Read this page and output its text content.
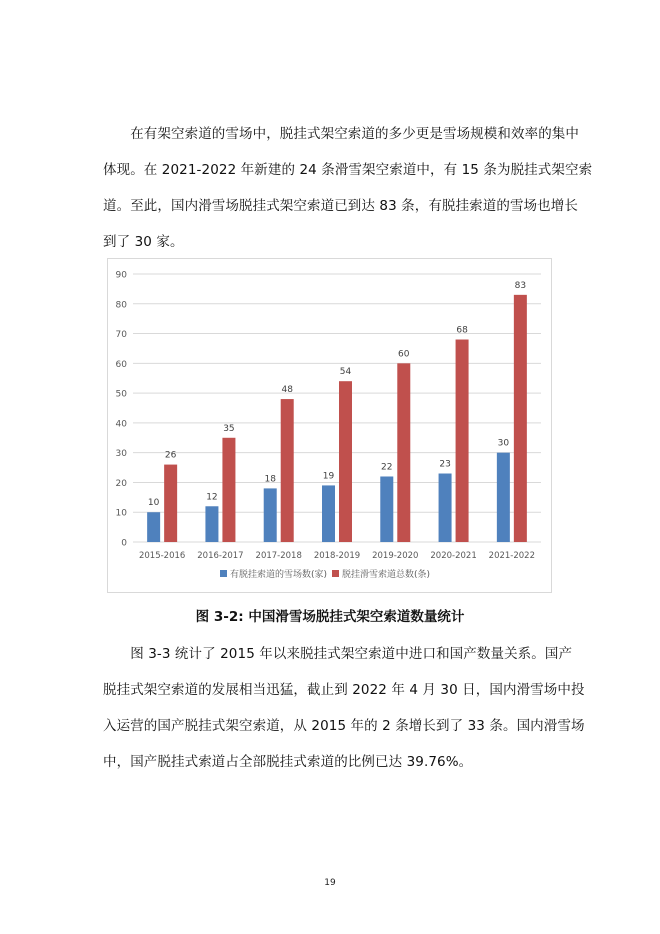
　　在有架空索道的雪场中，脱挂式架空索道的多少更是雪场规模和效率的集中
体现。在 2021-2022 年新建的 24 条滑雪架空索道中，有 15 条为脱挂式架空索
道。至此，国内滑雪场脱挂式架空索道已到达 83 条，有脱挂索道的雪场也增长
到了 30 家。
0
10
20
30
40
50
60
70
80
90
10
26
2015-2016
12
35
2016-2017
18
48
2017-2018
19
54
2018-2019
22
60
2019-2020
23
68
2020-2021
30
83
2021-2022
有脱挂索道的雪场数(家) 脱挂滑雪索道总数(条)
图 3-2: 中国滑雪场脱挂式架空索道数量统计
　　图 3-3 统计了 2015 年以来脱挂式架空索道中进口和国产数量关系。国产
脱挂式架空索道的发展相当迅猛，截止到 2022 年 4 月 30 日，国内滑雪场中投
入运营的国产脱挂式架空索道，从 2015 年的 2 条增长到了 33 条。国内滑雪场
中，国产脱挂式索道占全部脱挂式索道的比例已达 39.76%。
19
